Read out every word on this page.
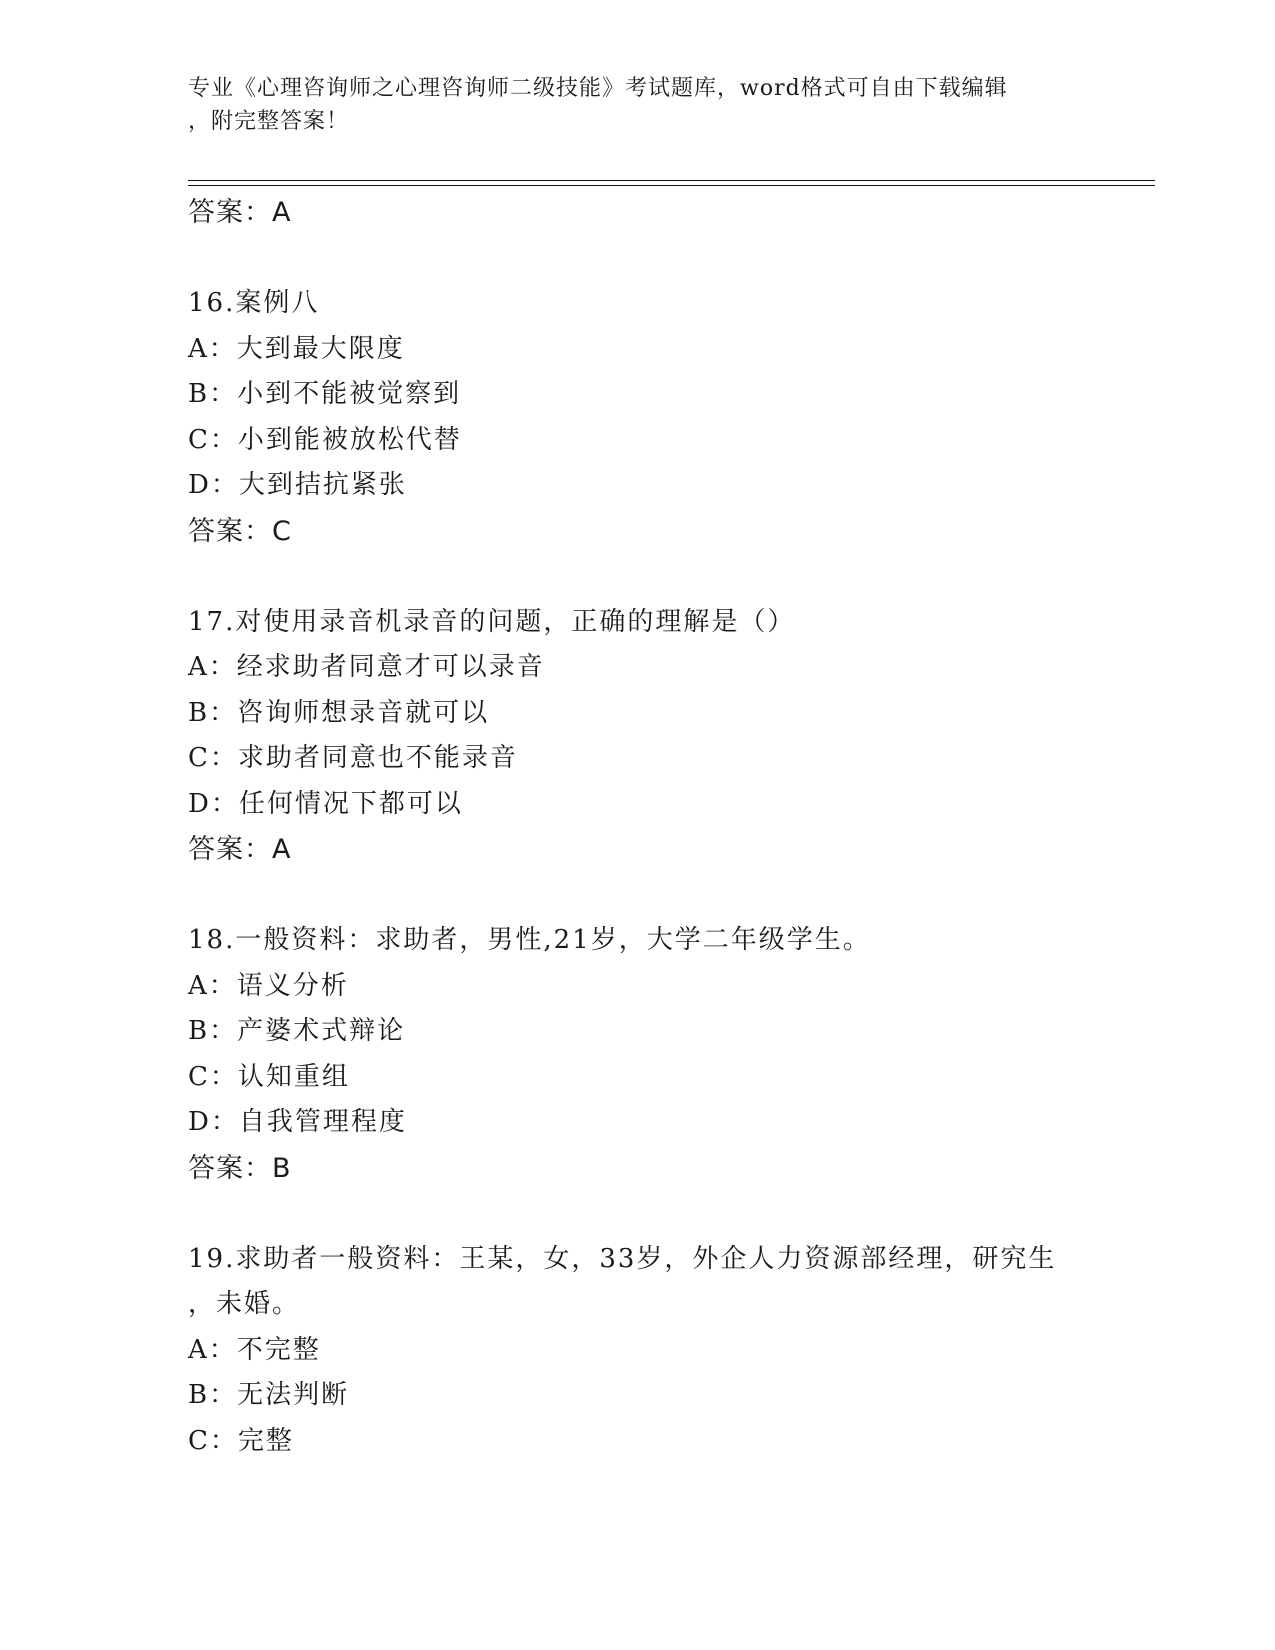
专业《心理咨询师之心理咨询师二级技能》考试题库，word格式可自由下载编辑
，附完整答案！
答案：A
16.案例八
A：大到最大限度
B：小到不能被觉察到
C：小到能被放松代替
D：大到拮抗紧张
答案：C
17.对使用录音机录音的问题，正确的理解是（）
A：经求助者同意才可以录音
B：咨询师想录音就可以
C：求助者同意也不能录音
D：任何情况下都可以
答案：A
18.一般资料：求助者，男性,21岁，大学二年级学生。
A：语义分析
B：产婆术式辩论
C：认知重组
D：自我管理程度
答案：B
19.求助者一般资料：王某，女，33岁，外企人力资源部经理，研究生
，未婚。
A：不完整
B：无法判断
C：完整
